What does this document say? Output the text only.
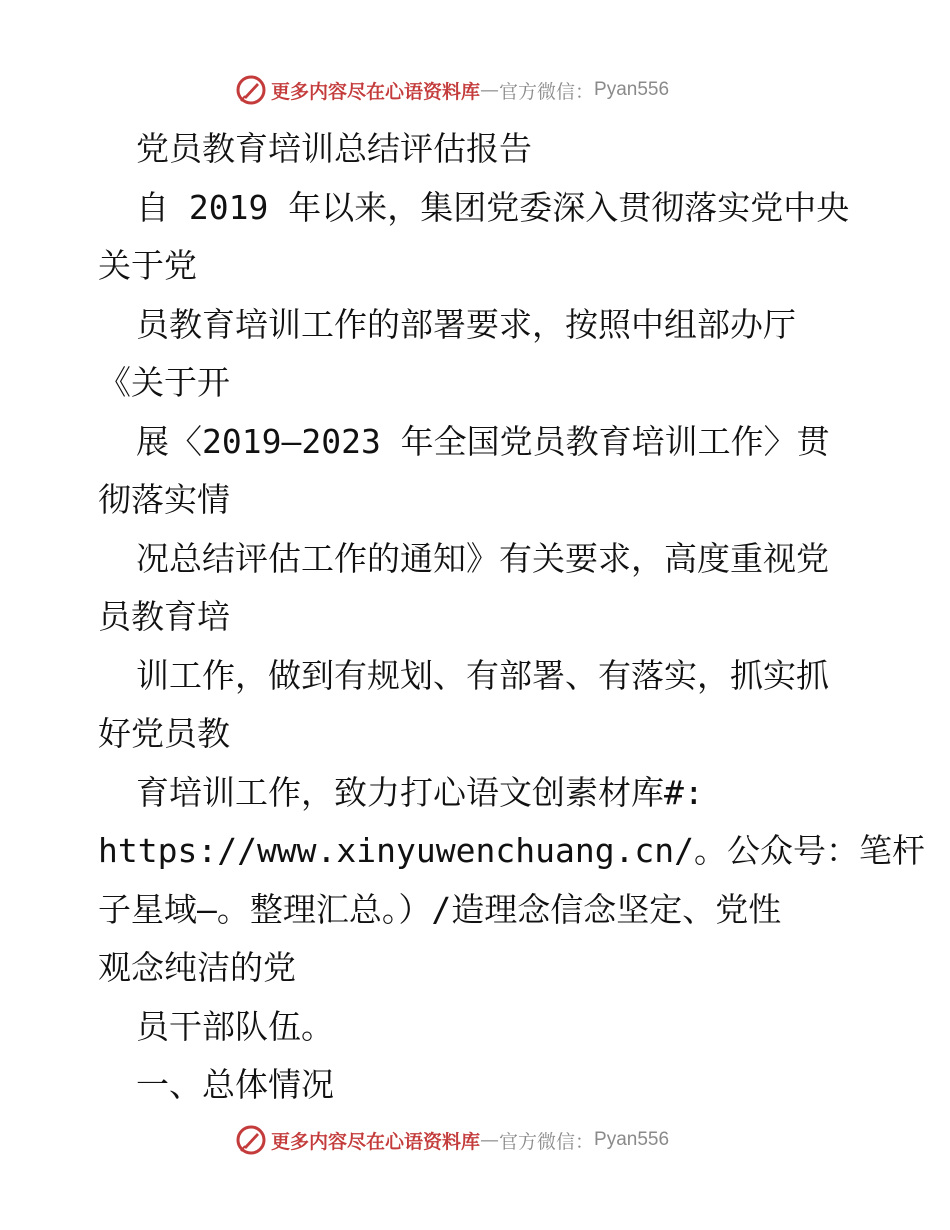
更多内容尽在心语资料库 — 官方微信： Pyan556
党员教育培训总结评估报告
自 2019 年以来，集团党委深入贯彻落实党中央
关于党
员教育培训工作的部署要求，按照中组部办厅
《关于开
展〈2019—2023 年全国党员教育培训工作〉贯
彻落实情
况总结评估工作的通知》有关要求，高度重视党
员教育培
训工作，做到有规划、有部署、有落实，抓实抓
好党员教
育培训工作，致力打心语文创素材库#:
https://www.xinyuwenchuang.cn/。公众号：笔杆
子星域—。整理汇总。）/造理念信念坚定、党性
观念纯洁的党
员干部队伍。
一、总体情况
更多内容尽在心语资料库 — 官方微信： Pyan556
